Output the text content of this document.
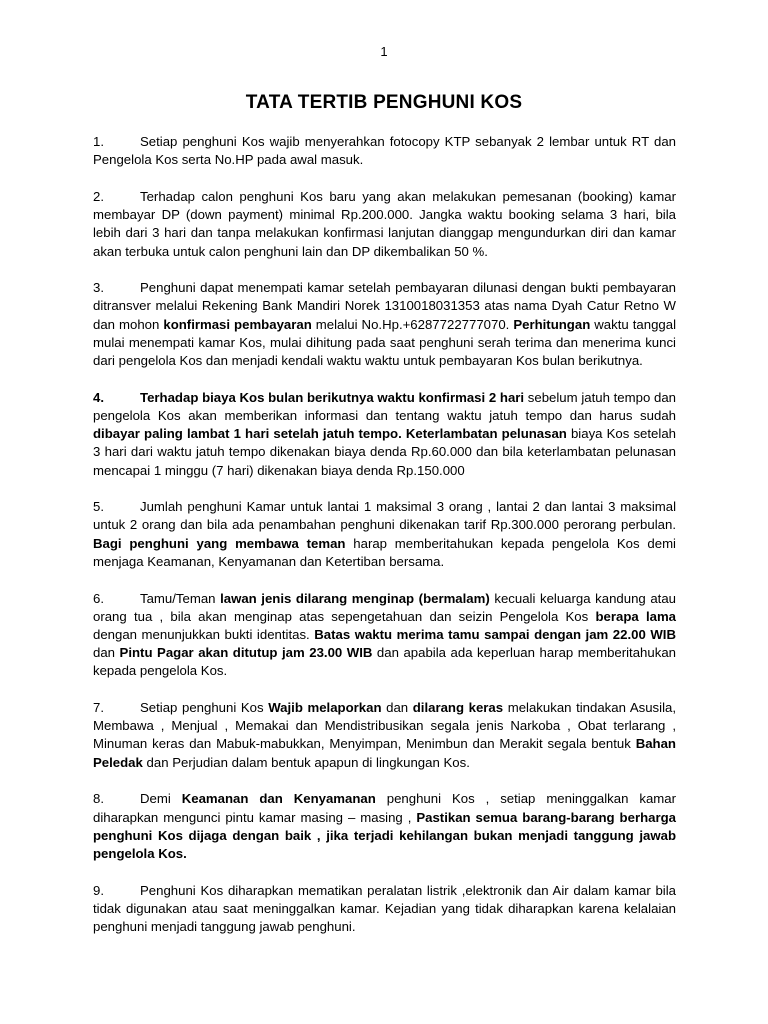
1
TATA TERTIB PENGHUNI KOS
1.	Setiap penghuni Kos wajib menyerahkan fotocopy KTP sebanyak 2 lembar untuk RT dan Pengelola Kos serta No.HP pada awal masuk.
2.	Terhadap calon penghuni Kos baru yang akan melakukan pemesanan (booking) kamar membayar DP (down payment) minimal Rp.200.000. Jangka waktu booking selama 3 hari, bila lebih dari 3 hari dan tanpa melakukan konfirmasi lanjutan dianggap mengundurkan diri dan kamar akan terbuka untuk calon penghuni lain dan DP dikembalikan 50 %.
3.	Penghuni dapat menempati kamar setelah pembayaran dilunasi dengan bukti pembayaran ditransver melalui Rekening Bank Mandiri Norek 1310018031353 atas nama Dyah Catur Retno W dan mohon konfirmasi pembayaran melalui No.Hp.+6287722777070. Perhitungan waktu tanggal mulai menempati kamar Kos, mulai dihitung pada saat penghuni serah terima dan menerima kunci dari pengelola Kos dan menjadi kendali waktu waktu untuk pembayaran Kos bulan berikutnya.
4.	Terhadap biaya Kos bulan berikutnya waktu konfirmasi 2 hari sebelum jatuh tempo dan pengelola Kos akan memberikan informasi dan tentang waktu jatuh tempo dan harus sudah dibayar paling lambat 1 hari setelah jatuh tempo. Keterlambatan pelunasan biaya Kos setelah 3 hari dari waktu jatuh tempo dikenakan biaya denda Rp.60.000 dan bila keterlambatan pelunasan mencapai 1 minggu (7 hari) dikenakan biaya denda Rp.150.000
5.	Jumlah penghuni Kamar untuk lantai 1 maksimal 3 orang , lantai 2 dan lantai 3 maksimal untuk 2 orang dan bila ada penambahan penghuni dikenakan tarif Rp.300.000 perorang perbulan. Bagi penghuni yang membawa teman harap memberitahukan kepada pengelola Kos demi menjaga Keamanan, Kenyamanan dan Ketertiban bersama.
6.	Tamu/Teman lawan jenis dilarang menginap (bermalam) kecuali keluarga kandung atau orang tua , bila akan menginap atas sepengetahuan dan seizin Pengelola Kos berapa lama dengan menunjukkan bukti identitas. Batas waktu merima tamu sampai dengan jam 22.00 WIB dan Pintu Pagar akan ditutup jam 23.00 WIB dan apabila ada keperluan harap memberitahukan kepada pengelola Kos.
7.	Setiap penghuni Kos Wajib melaporkan dan dilarang keras melakukan tindakan Asusila, Membawa , Menjual , Memakai dan Mendistribusikan segala jenis Narkoba , Obat terlarang , Minuman keras dan Mabuk-mabukkan, Menyimpan, Menimbun dan Merakit segala bentuk Bahan Peledak dan Perjudian dalam bentuk apapun di lingkungan Kos.
8.	Demi Keamanan dan Kenyamanan penghuni Kos , setiap meninggalkan kamar diharapkan mengunci pintu kamar masing – masing , Pastikan semua barang-barang berharga penghuni Kos dijaga dengan baik , jika terjadi kehilangan bukan menjadi tanggung jawab pengelola Kos.
9.	Penghuni Kos diharapkan mematikan peralatan listrik ,elektronik dan Air dalam kamar bila tidak digunakan atau saat meninggalkan kamar. Kejadian yang tidak diharapkan karena kelalaian penghuni menjadi tanggung jawab penghuni.
